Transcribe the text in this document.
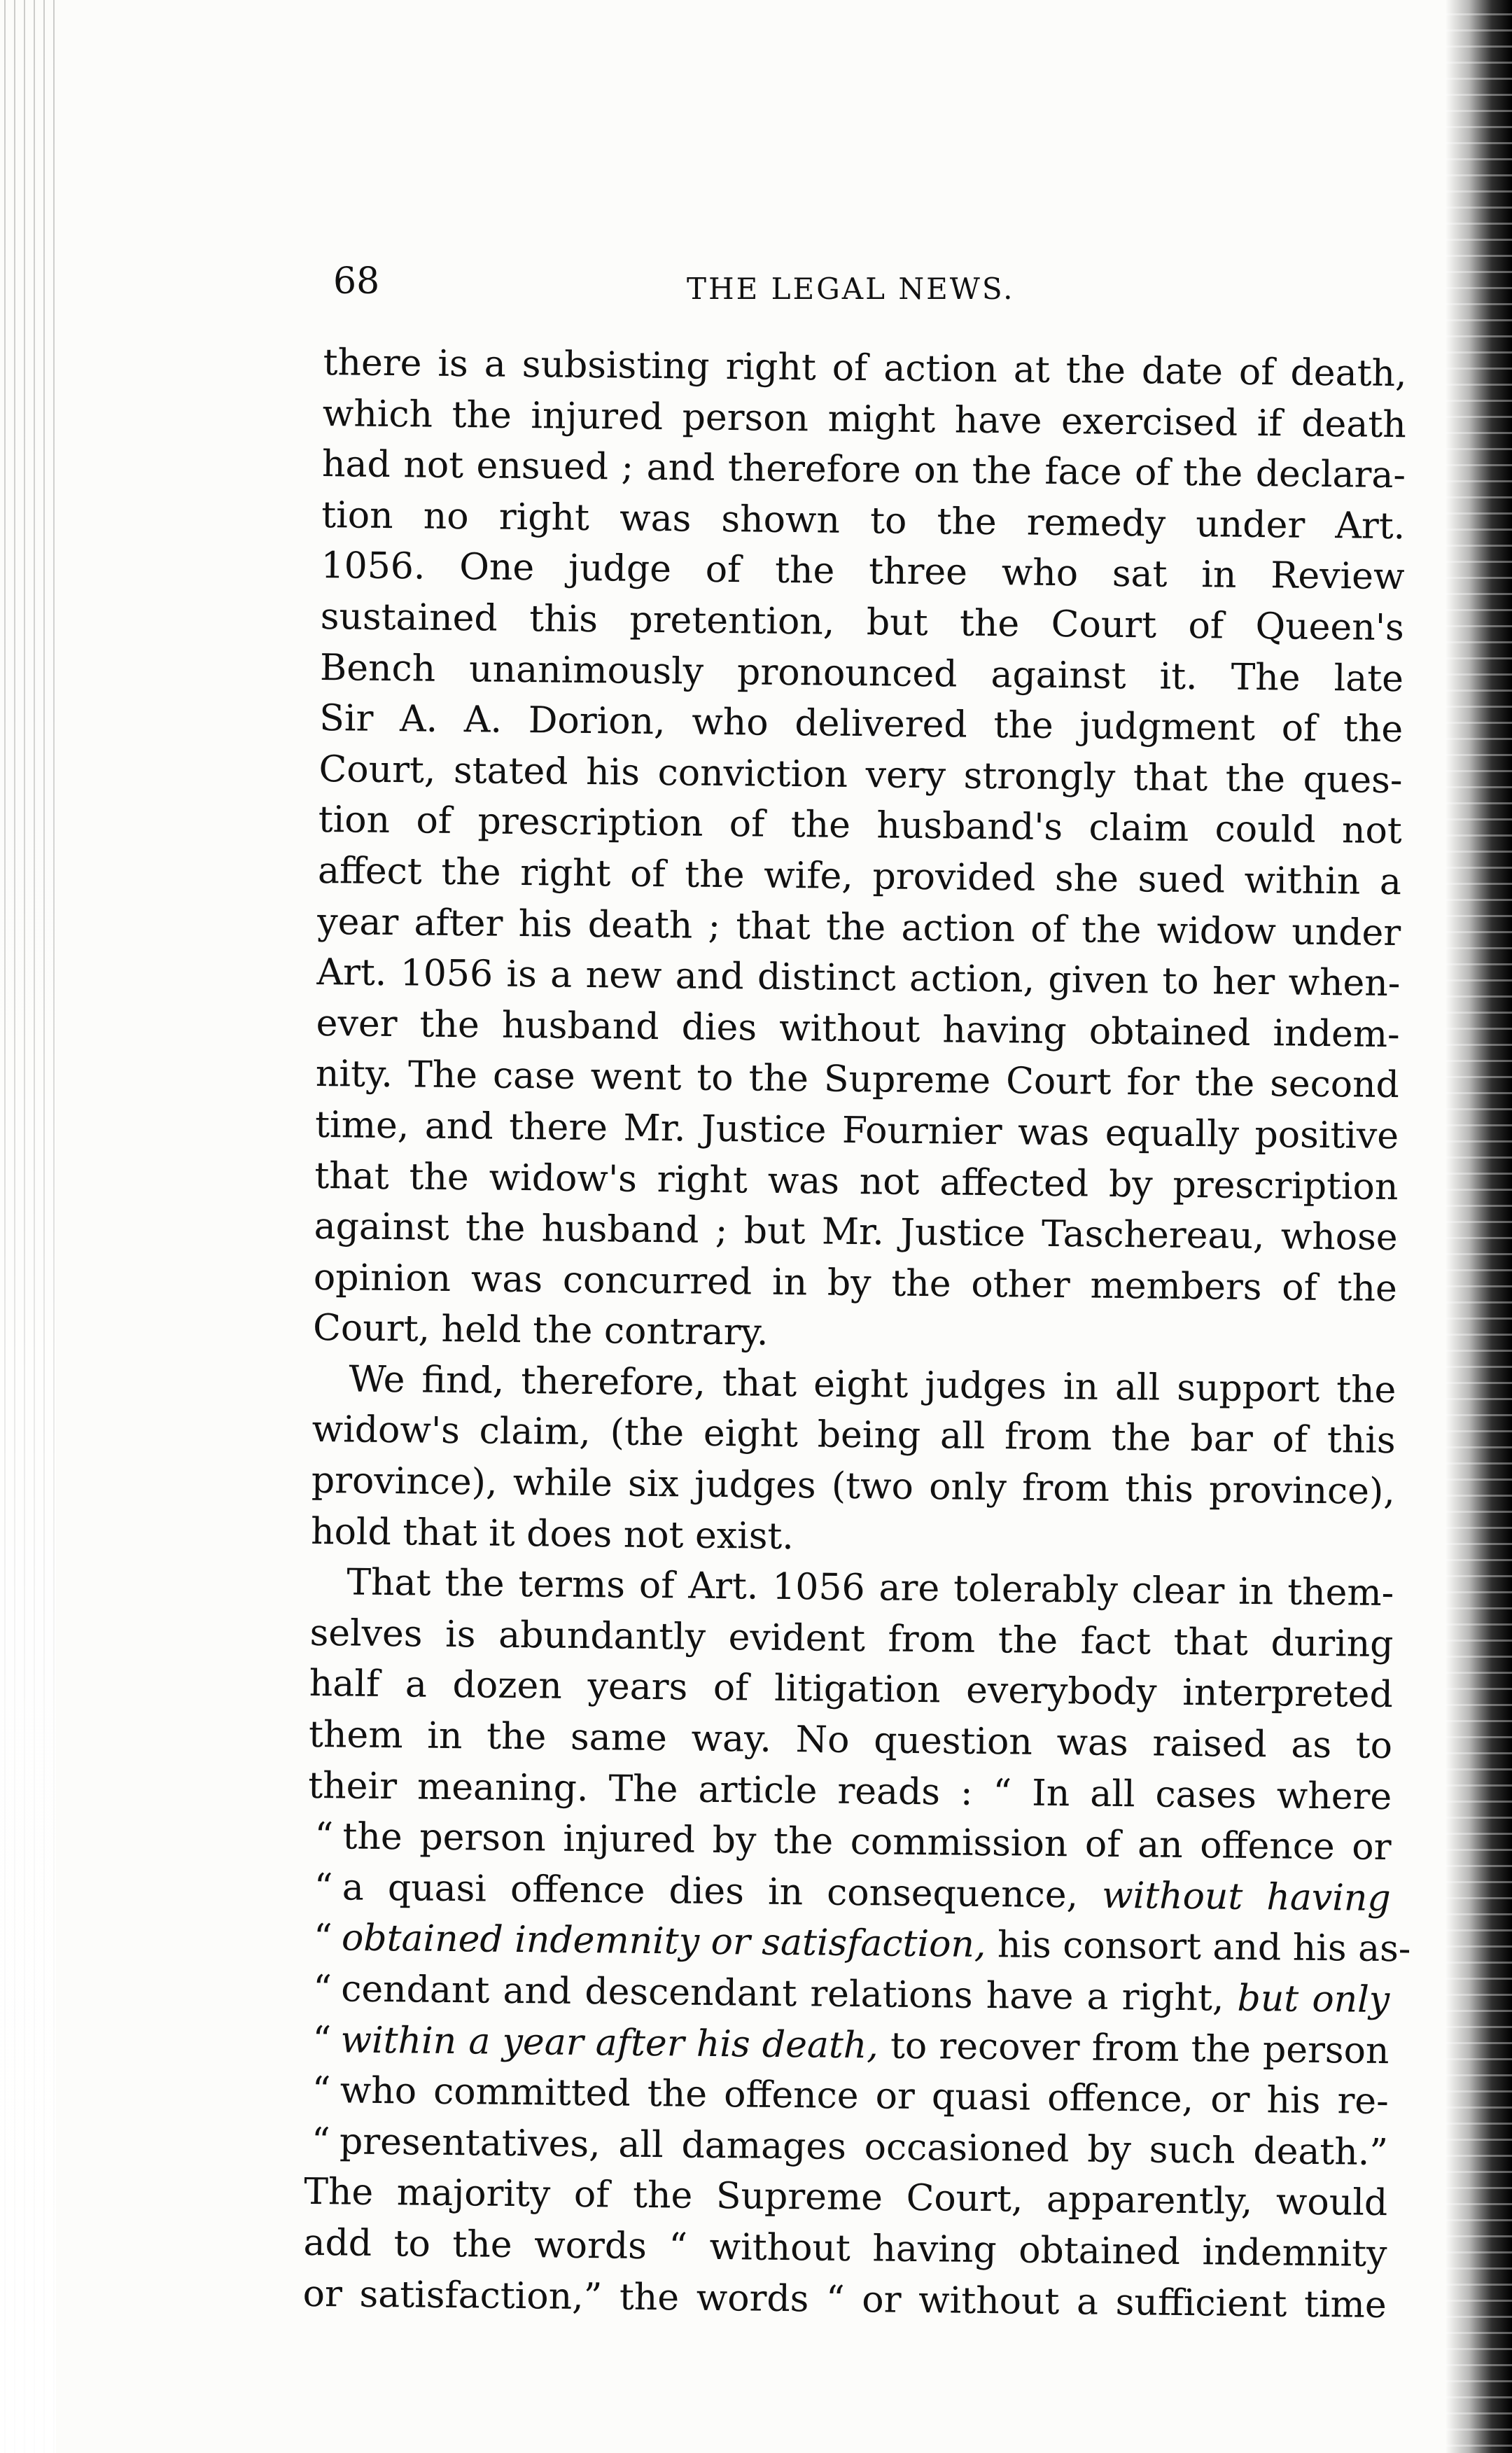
68	THE LEGAL NEWS.
there is a subsisting right of action at the date of death,
which the injured person might have exercised if death
had not ensued ; and therefore on the face of the declara-
tion no right was shown to the remedy under Art.
1056. One judge of the three who sat in Review
sustained this pretention, but the Court of Queen's
Bench unanimously pronounced against it. The late
Sir A. A. Dorion, who delivered the judgment of the
Court, stated his conviction very strongly that the ques-
tion of prescription of the husband's claim could not
affect the right of the wife, provided she sued within a
year after his death ; that the action of the widow under
Art. 1056 is a new and distinct action, given to her when-
ever the husband dies without having obtained indem-
nity. The case went to the Supreme Court for the second
time, and there Mr. Justice Fournier was equally positive
that the widow's right was not affected by prescription
against the husband ; but Mr. Justice Taschereau, whose
opinion was concurred in by the other members of the
Court, held the contrary.
We find, therefore, that eight judges in all support the
widow's claim, (the eight being all from the bar of this
province), while six judges (two only from this province),
hold that it does not exist.
That the terms of Art. 1056 are tolerably clear in them-
selves is abundantly evident from the fact that during
half a dozen years of litigation everybody interpreted
them in the same way. No question was raised as to
their meaning. The article reads : “ In all cases where
“ the person injured by the commission of an offence or
“ a quasi offence dies in consequence, without having
“ obtained indemnity or satisfaction, his consort and his as-
“ cendant and descendant relations have a right, but only
“ within a year after his death, to recover from the person
“ who committed the offence or quasi offence, or his re-
“ presentatives, all damages occasioned by such death.”
The majority of the Supreme Court, apparently, would
add to the words “ without having obtained indemnity
or satisfaction,” the words “ or without a sufficient time
